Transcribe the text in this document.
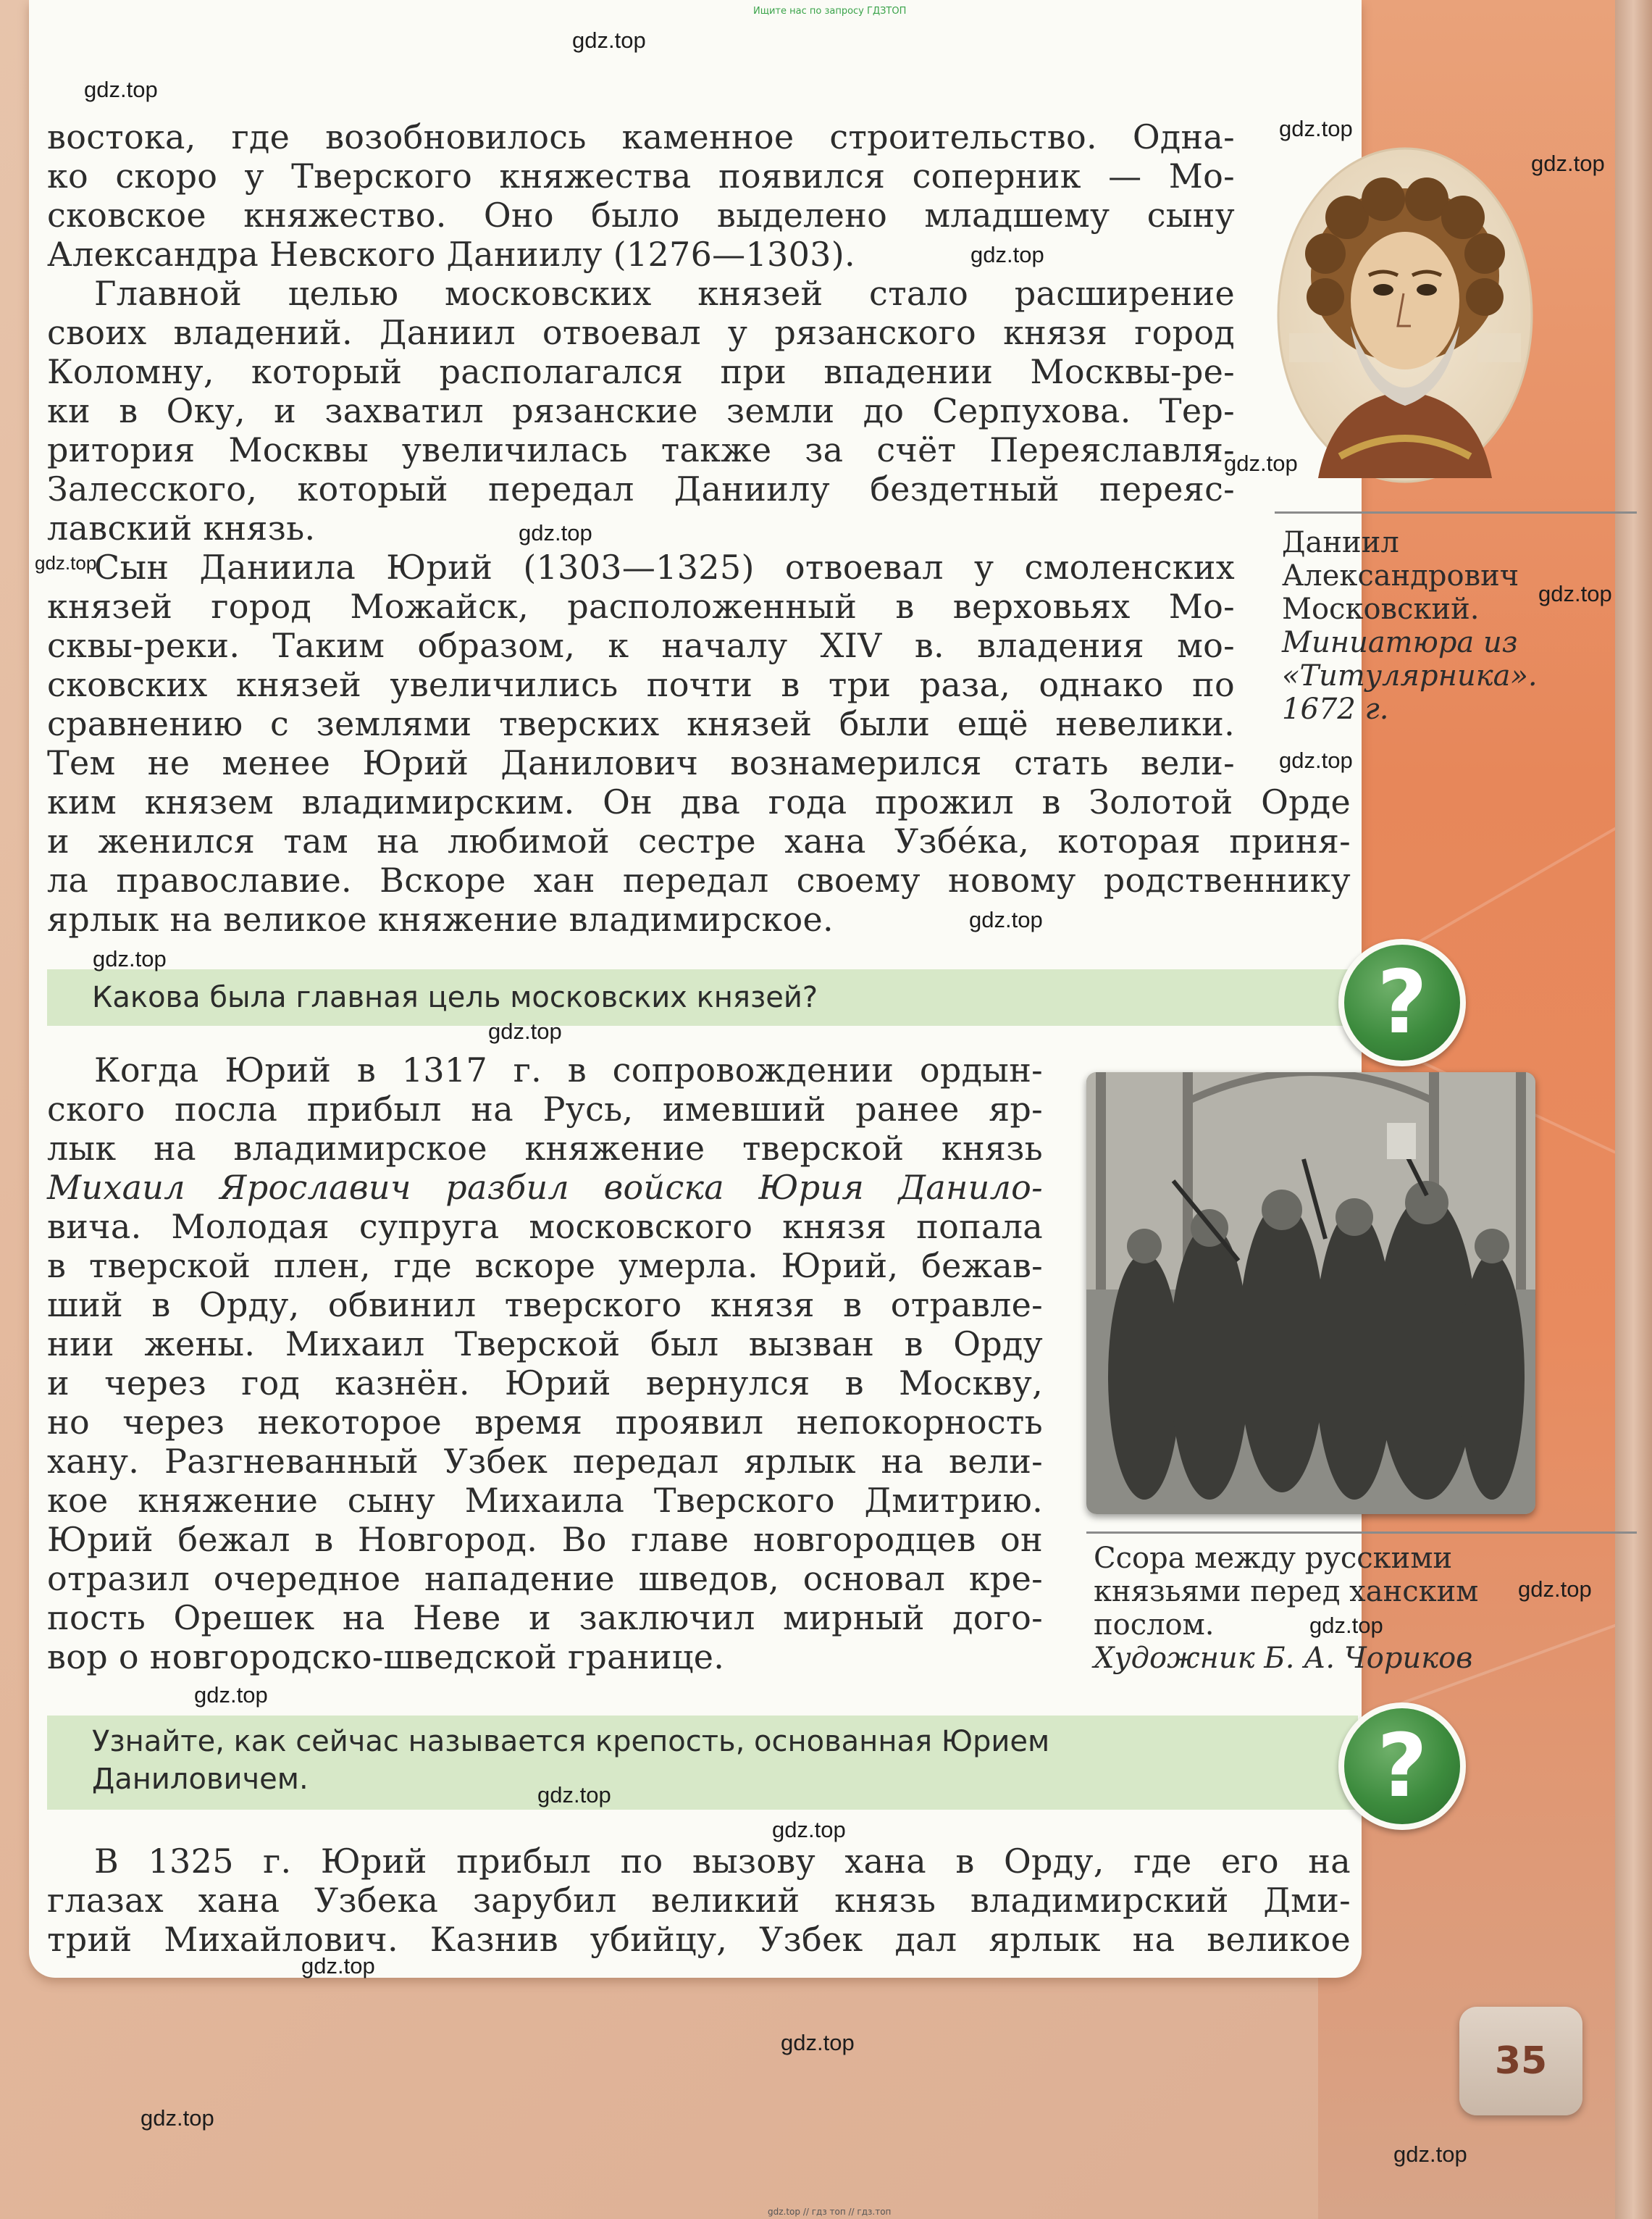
Ищите нас по запросу ГДЗТОП

востока, где возобновилось каменное строительство. Одна-

ко скоро у Тверского княжества появился соперник — Мо-

сковское княжество. Оно было выделено младшему сыну

Александра Невского Даниилу (1276—1303).

Главной целью московских князей стало расширение

своих владений. Даниил отвоевал у рязанского князя город

Коломну, который располагался при впадении Москвы-ре-

ки в Оку, и захватил рязанские земли до Серпухова. Тер-

ритория Москвы увеличилась также за счёт Переяславля-

Залесского, который передал Даниилу бездетный переяс-

лавский князь.

Сын Даниила Юрий (1303—1325) отвоевал у смоленских

князей город Можайск, расположенный в верховьях Мо-

сквы-реки. Таким образом, к началу XIV в. владения мо-

сковских князей увеличились почти в три раза, однако по

сравнению с землями тверских князей были ещё невелики.

Тем не менее Юрий Данилович вознамерился стать вели-

ким князем владимирским. Он два года прожил в Золотой Орде

и женился там на любимой сестре хана Узбе́ка, которая приня-

ла православие. Вскоре хан передал своему новому родственнику

ярлык на великое княжение владимирское.

Какова была главная цель московских князей?	?

Когда Юрий в 1317 г. в сопровождении ордын-

ского посла прибыл на Русь, имевший ранее яр-

лык на владимирское княжение тверской князь

Михаил Ярославич разбил войска Юрия Данило-

вича. Молодая супруга московского князя попала

в тверской плен, где вскоре умерла. Юрий, бежав-

ший в Орду, обвинил тверского князя в отравле-

нии жены. Михаил Тверской был вызван в Орду

и через год казнён. Юрий вернулся в Москву,

но через некоторое время проявил непокорность

хану. Разгневанный Узбек передал ярлык на вели-

кое княжение сыну Михаила Тверского Дмитрию.

Юрий бежал в Новгород. Во главе новгородцев он

отразил очередное нападение шведов, основал кре-

пость Орешек на Неве и заключил мирный дого-

вор о новгородско-шведской границе.

Узнайте, как сейчас называется крепость, основанная Юрием
Даниловичем.	?

В 1325 г. Юрий прибыл по вызову хана в Орду, где его на

глазах хана Узбека зарубил великий князь владимирский Дми-

трий Михайлович. Казнив убийцу, Узбек дал ярлык на великое

Даниил
Александрович
Московский.
Миниатюра из
«Титулярника».
1672 г.
Ссора между русскими
князьями перед ханским
послом.
Художник Б. А. Чориков
35
gdz.top
gdz.top
gdz.top
gdz.top
gdz.top
gdz.top
gdz.top
gdz.top
gdz.top
gdz.top
gdz.top
gdz.top
gdz.top
gdz.top
gdz.top
gdz.top
gdz.top
gdz.top
gdz.top
gdz.top
gdz.top
gdz.top
gdz.top // гдз топ // гдз.топ
